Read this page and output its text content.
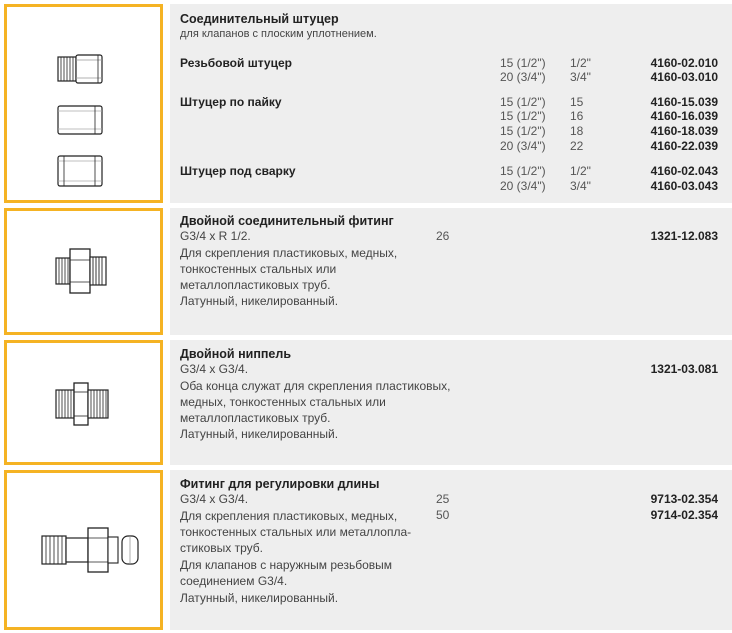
Соединительный штуцер
для клапанов с плоским уплотнением.
Резьбовой штуцер	15 (1/2") 1/2"	4160-02.010
20 (3/4") 3/4"	4160-03.010
Штуцер по пайку	15 (1/2") 15	4160-15.039
15 (1/2") 16	4160-16.039
15 (1/2") 18	4160-18.039
20 (3/4") 22	4160-22.039
Штуцер под сварку	15 (1/2") 1/2"	4160-02.043
20 (3/4") 3/4"	4160-03.043
Двойной соединительный фитинг
G3/4 x R 1/2.	26	1321-12.083
Для скрепления пластиковых, медных,
тонкостенных стальных или
металлопластиковых труб.
Латунный, никелированный.
Двойной ниппель
G3/4 x G3/4.	1321-03.081
Оба конца служат для скрепления пластиковых,
медных, тонкостенных стальных или
металлопластиковых труб.
Латунный, никелированный.
Фитинг для регулировки длины
G3/4 x G3/4.	25	9713-02.354
50	9714-02.354
Для скрепления пластиковых, медных,
тонкостенных стальных или металлопла-
стиковых труб.
Для клапанов с наружным резьбовым
соединением G3/4.
Латунный, никелированный.
